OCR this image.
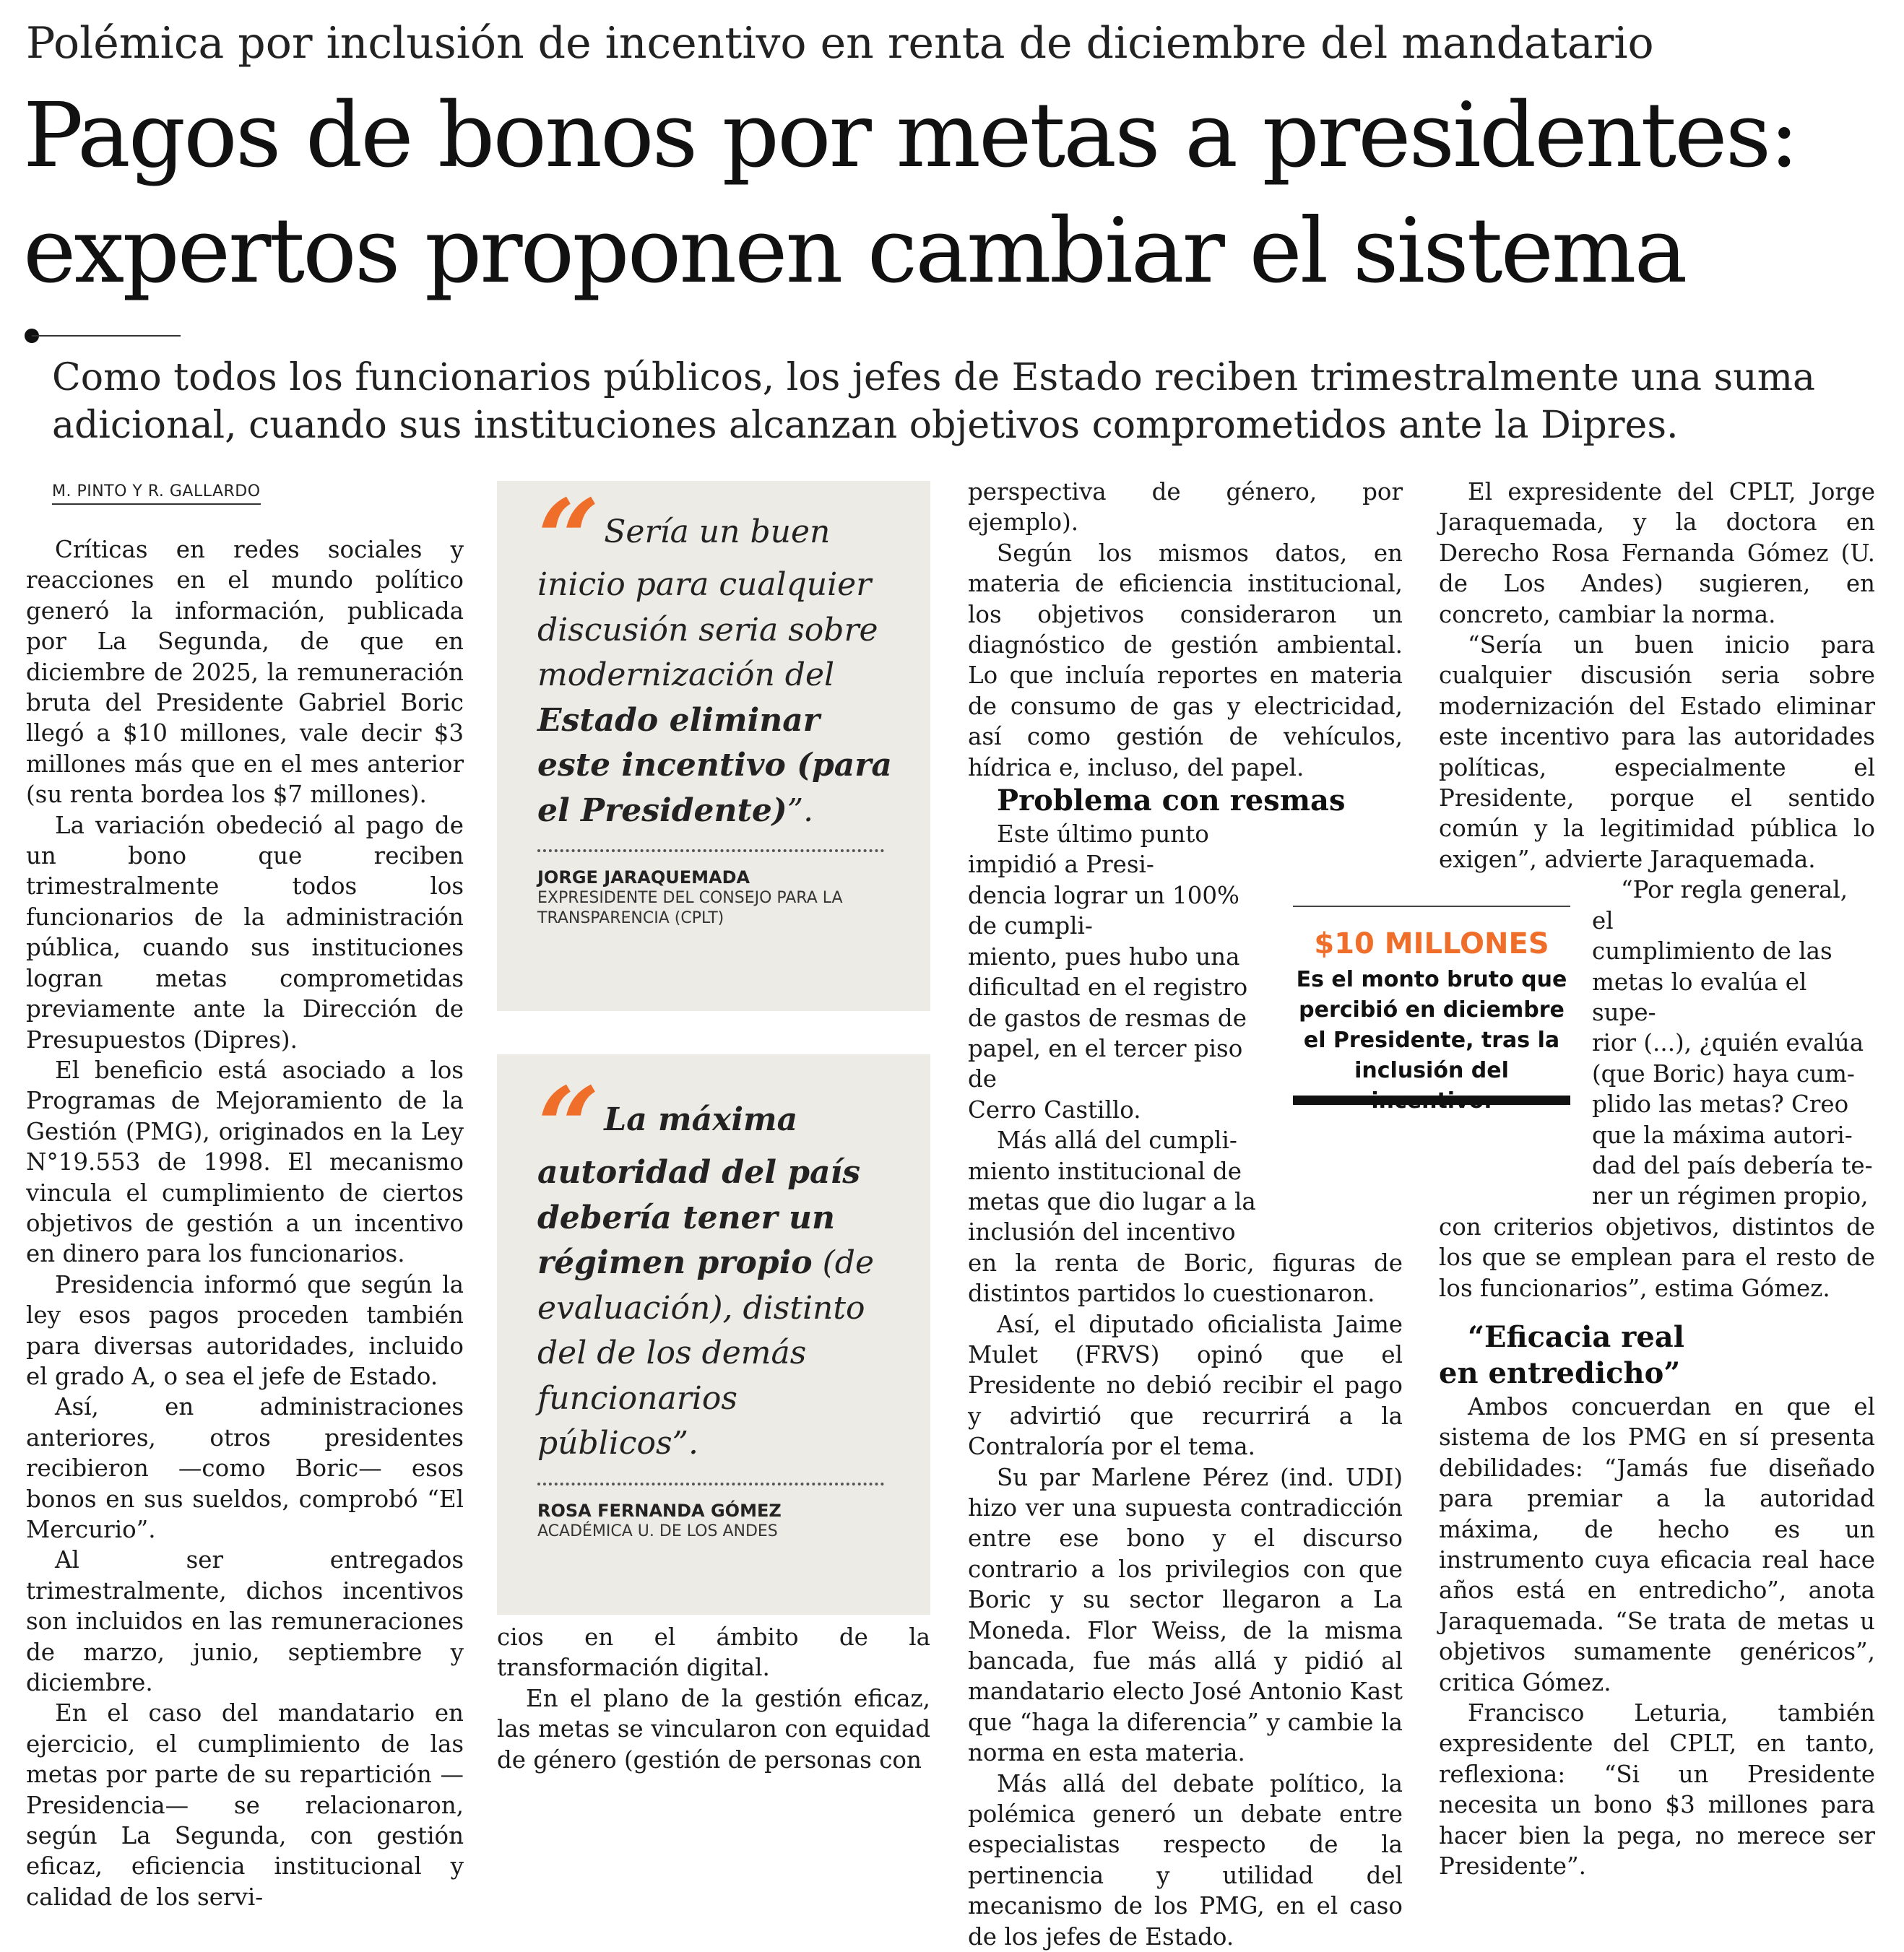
Polémica por inclusión de incentivo en renta de diciembre del mandatario
Pagos de bonos por metas a presidentes:
expertos proponen cambiar el sistema

Como todos los funcionarios públicos, los jefes de Estado reciben trimestralmente una suma adicional, cuando sus instituciones alcanzan objetivos comprometidos ante la Dipres.

M. PINTO Y R. GALLARDO

Críticas en redes sociales y reacciones en el mundo político generó la información, publicada por La Segunda, de que en diciembre de 2025, la remuneración bruta del Presidente Gabriel Boric llegó a $10 millones, vale decir $3 millones más que en el mes anterior (su renta bordea los $7 millones).

La variación obedeció al pago de un bono que reciben trimestralmente todos los funcionarios de la administración pública, cuando sus instituciones logran metas comprometidas previamente ante la Dirección de Presupuestos (Dipres).

El beneficio está asociado a los Programas de Mejoramiento de la Gestión (PMG), originados en la Ley N°19.553 de 1998. El mecanismo vincula el cumplimiento de ciertos objetivos de gestión a un incentivo en dinero para los funcionarios.

Presidencia informó que según la ley esos pagos proceden también para diversas autoridades, incluido el grado A, o sea el jefe de Estado.

Así, en administraciones anteriores, otros presidentes recibieron —como Boric— esos bonos en sus sueldos, comprobó “El Mercurio”.

Al ser entregados trimestralmente, dichos incentivos son incluidos en las remuneraciones de marzo, junio, septiembre y diciembre.

En el caso del mandatario en ejercicio, el cumplimiento de las metas por parte de su repartición —Presidencia— se relacionaron, según La Segunda, con gestión eficaz, eficiencia institucional y calidad de los servi-

“ Sería un buen inicio para cualquier discusión seria sobre modernización del Estado eliminar este incentivo (para el Presidente)”.

JORGE JARAQUEMADA

EXPRESIDENTE DEL CONSEJO PARA LA

TRANSPARENCIA (CPLT)

“ La máxima autoridad del país debería tener un régimen propio (de evaluación), distinto del de los demás funcionarios públicos”.

ROSA FERNANDA GÓMEZ

ACADÉMICA U. DE LOS ANDES

cios en el ámbito de la transformación digital.

En el plano de la gestión eficaz, las metas se vincularon con equidad de género (gestión de personas con

perspectiva de género, por ejemplo).

Según los mismos datos, en materia de eficiencia institucional, los objetivos consideraron un diagnóstico de gestión ambiental. Lo que incluía reportes en materia de consumo de gas y electricidad, así como gestión de vehículos, hídrica e, incluso, del papel.

Problema con resmas

Este último punto impidió a Presi-
dencia lograr un 100% de cumpli-
miento, pues hubo una
dificultad en el registro
de gastos de resmas de
papel, en el tercer piso de
Cerro Castillo.
Más allá del cumpli-
miento institucional de
metas que dio lugar a la
inclusión del incentivo

en la renta de Boric, figuras de distintos partidos lo cuestionaron.

Así, el diputado oficialista Jaime Mulet (FRVS) opinó que el Presidente no debió recibir el pago y advirtió que recurrirá a la Contraloría por el tema.

Su par Marlene Pérez (ind. UDI) hizo ver una supuesta contradicción entre ese bono y el discurso contrario a los privilegios con que Boric y su sector llegaron a La Moneda. Flor Weiss, de la misma bancada, fue más allá y pidió al mandatario electo José Antonio Kast que “haga la diferencia” y cambie la norma en esta materia.

Más allá del debate político, la polémica generó un debate entre especialistas respecto de la pertinencia y utilidad del mecanismo de los PMG, en el caso de los jefes de Estado.

$10 MILLONES

Es el monto bruto que percibió en diciembre el Presidente, tras la inclusión del incentivo.

El expresidente del CPLT, Jorge Jaraquemada, y la doctora en Derecho Rosa Fernanda Gómez (U. de Los Andes) sugieren, en concreto, cambiar la norma.

“Sería un buen inicio para cualquier discusión seria sobre modernización del Estado eliminar este incentivo para las autoridades políticas, especialmente el Presidente, porque el sentido común y la legitimidad pública lo exigen”, advierte Jaraquemada.

“Por regla general, el
cumplimiento de las
metas lo evalúa el supe-
rior (...), ¿quién evalúa
(que Boric) haya cum-
plido las metas? Creo
que la máxima autori-
dad del país debería te-
ner un régimen propio,

con criterios objetivos, distintos de los que se emplean para el resto de los funcionarios”, estima Gómez.

“Eficacia real
en entredicho”

Ambos concuerdan en que el sistema de los PMG en sí presenta debilidades: “Jamás fue diseñado para premiar a la autoridad máxima, de hecho es un instrumento cuya eficacia real hace años está en entredicho”, anota Jaraquemada. “Se trata de metas u objetivos sumamente genéricos”, critica Gómez.

Francisco Leturia, también expresidente del CPLT, en tanto, reflexiona: “Si un Presidente necesita un bono $3 millones para hacer bien la pega, no merece ser Presidente”.
